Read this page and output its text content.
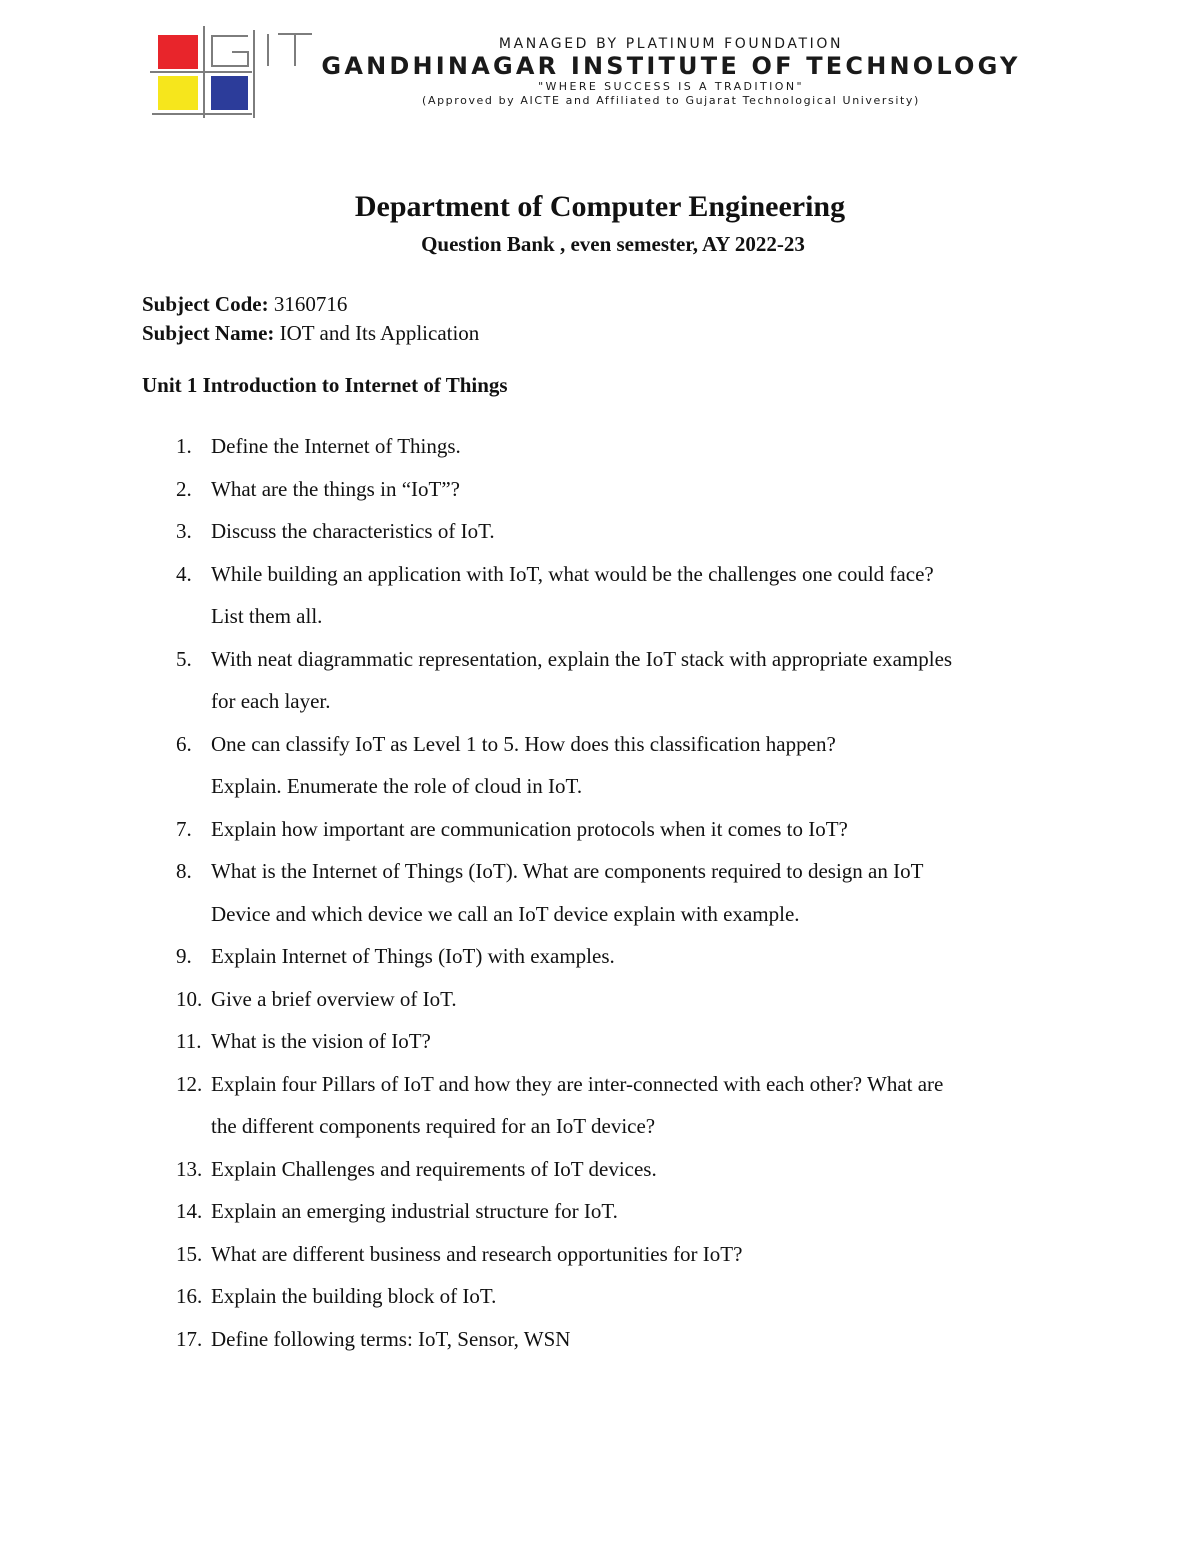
MANAGED BY PLATINUM FOUNDATION
GANDHINAGAR INSTITUTE OF TECHNOLOGY
"WHERE SUCCESS IS A TRADITION"
(Approved by AICTE and Affiliated to Gujarat Technological University)
Department of Computer Engineering
Question Bank , even semester, AY 2022-23
Subject Code: 3160716
Subject Name: IOT and Its Application
Unit 1 Introduction to Internet of Things
1. Define the Internet of Things.
2. What are the things in “IoT”?
3. Discuss the characteristics of IoT.
4. While building an application with IoT, what would be the challenges one could face?
List them all.
5. With neat diagrammatic representation, explain the IoT stack with appropriate examples
for each layer.
6. One can classify IoT as Level 1 to 5. How does this classification happen?
Explain. Enumerate the role of cloud in IoT.
7. Explain how important are communication protocols when it comes to IoT?
8. What is the Internet of Things (IoT). What are components required to design an IoT
Device and which device we call an IoT device explain with example.
9. Explain Internet of Things (IoT) with examples.
10. Give a brief overview of IoT.
11. What is the vision of IoT?
12. Explain four Pillars of IoT and how they are inter-connected with each other? What are
the different components required for an IoT device?
13. Explain Challenges and requirements of IoT devices.
14. Explain an emerging industrial structure for IoT.
15. What are different business and research opportunities for IoT?
16. Explain the building block of IoT.
17. Define following terms: IoT, Sensor, WSN
